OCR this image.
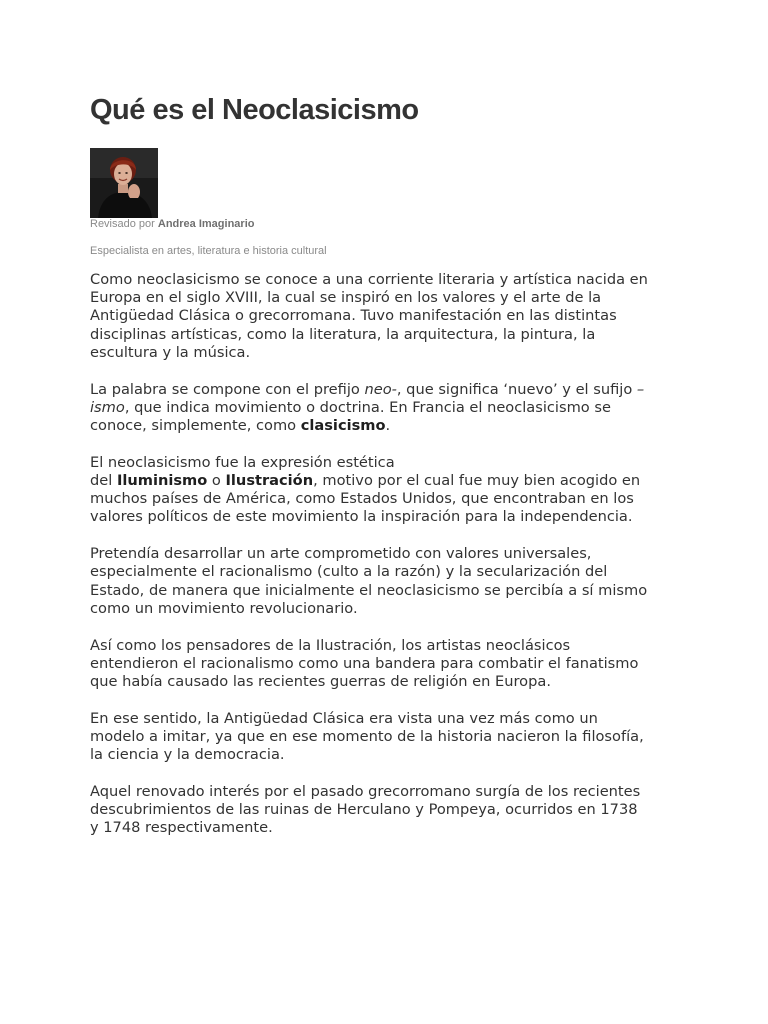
Qué es el Neoclasicismo
Revisado por Andrea Imaginario
Especialista en artes, literatura e historia cultural

Como neoclasicismo se conoce a una corriente literaria y artística nacida en Europa en el siglo XVIII, la cual se inspiró en los valores y el arte de la Antigüedad Clásica o grecorromana. Tuvo manifestación en las distintas disciplinas artísticas, como la literatura, la arquitectura, la pintura, la escultura y la música.

La palabra se compone con el prefijo neo-, que significa ‘nuevo’ y el sufijo –ismo, que indica movimiento o doctrina. En Francia el neoclasicismo se conoce, simplemente, como clasicismo.

El neoclasicismo fue la expresión estética
del Iluminismo o Ilustración, motivo por el cual fue muy bien acogido en muchos países de América, como Estados Unidos, que encontraban en los valores políticos de este movimiento la inspiración para la independencia.

Pretendía desarrollar un arte comprometido con valores universales, especialmente el racionalismo (culto a la razón) y la secularización del Estado, de manera que inicialmente el neoclasicismo se percibía a sí mismo como un movimiento revolucionario.

Así como los pensadores de la Ilustración, los artistas neoclásicos entendieron el racionalismo como una bandera para combatir el fanatismo que había causado las recientes guerras de religión en Europa.

En ese sentido, la Antigüedad Clásica era vista una vez más como un modelo a imitar, ya que en ese momento de la historia nacieron la filosofía, la ciencia y la democracia.

Aquel renovado interés por el pasado grecorromano surgía de los recientes descubrimientos de las ruinas de Herculano y Pompeya, ocurridos en 1738 y 1748 respectivamente.
